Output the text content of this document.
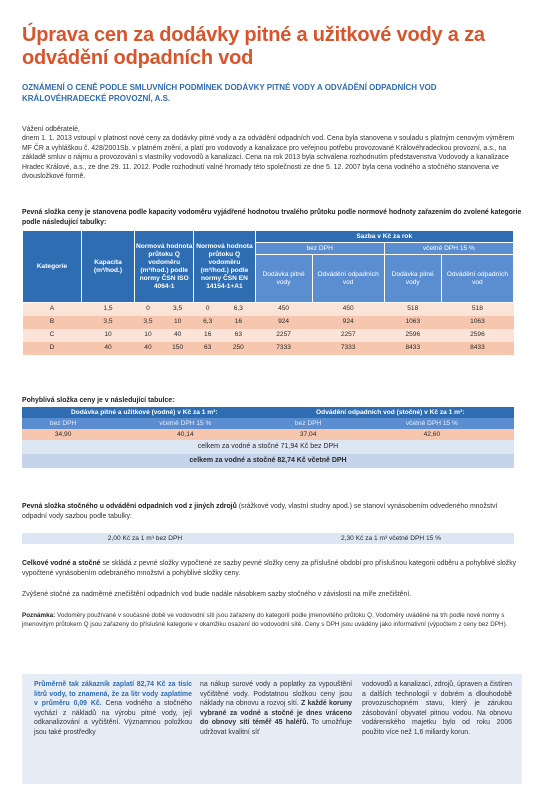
Úprava cen za dodávky pitné a užitkové vody a za odvádění odpadních vod
OZNÁMENÍ O CENĚ PODLE SMLUVNÍCH PODMÍNEK DODÁVKY PITNÉ VODY A ODVÁDĚNÍ ODPADNÍCH VOD KRÁLOVÉHRADECKÉ PROVOZNÍ, A.S.
Vážení odběratelé,
dnem 1. 1. 2013 vstoupí v platnost nové ceny za dodávky pitné vody a za odvádění odpadních vod. Cena byla stanovena v souladu s platným cenovým výměrem MF ČR a vyhláškou č. 428/2001Sb. v platném znění, a platí pro vodovody a kanalizace pro veřejnou potřebu provozované Královéhradeckou provozní, a.s., na základě smluv o nájmu a provozování s vlastníky vodovodů a kanalizací. Cena na rok 2013 byla schválena rozhodnutím představenstva Vodovody a kanalizace Hradec Králové, a.s., ze dne 29. 11. 2012. Podle rozhodnutí valné hromady této společnosti ze dne 5. 12. 2007 byla cena vodného a stočného stanovena ve dvousložkové formě.
Pevná složka ceny je stanovena podle kapacity vodoměru vyjádřené hodnotou trvalého průtoku podle normové hodnoty zařazením do zvolené kategorie podle následující tabulky:
Kategorie	Kapacita (m³/hod.)	Normová hodnota průtoku Q vodoměru (m³/hod.) podle normy ČSN ISO 4064-1		Normová hodnota průtoku Q vodoměru (m³/hod.) podle normy ČSN EN 14154-1+A1		Sazba v Kč za rok			
						bez DPH		včetně DPH 15 %	
						Dodávka pitné vody	Odvádění odpadních vod	Dodávka pitné vody	Odvádění odpadních vod
A	1,5	0	3,5	0	6,3	450	450	518	518
B	3,5	3,5	10	6,3	16	924	924	1063	1063
C	10	10	40	16	63	2257	2257	2596	2596
D	40	40	150	63	250	7333	7333	8433	8433
Pohyblivá složka ceny je v následující tabulce:
Dodávka pitné a užitkové (vodné) v Kč za 1 m³:		Odvádění odpadních vod (stočné) v Kč za 1 m³:	
bez DPH	včetně DPH 15 %	bez DPH	včetně DPH 15 %
34,90	40,14	37,04	42,60
celkem za vodné a stočné 71,94 Kč bez DPH			
celkem za vodné a stočné 82,74 Kč včetně DPH			
Pevná složka stočného u odvádění odpadních vod z jiných zdrojů (srážkové vody, vlastní studny apod.) se stanoví vynásobením odvedeného množství odpadní vody sazbou podle tabulky:
2,00 Kč za 1 m³ bez DPH	2,30 Kč za 1 m³ včetně DPH 15 %
Celkové vodné a stočné se skládá z pevné složky vypočtené ze sazby pevné složky ceny za příslušné období pro příslušnou kategorii odběru a pohyblivé složky vypočtené vynásobením odebraného množství a pohyblivé složky ceny.
Zvýšené stočné za nadměrné znečištění odpadních vod bude nadále násobkem sazby stočného v závislosti na míře znečištění.
Poznámka: Vodoměry používané v současné době ve vodovodní síti jsou zařazeny do kategorií podle jmenovitého průtoku Q. Vodoměry uváděné na trh podle nové normy s jmenovitým průtokem Q jsou zařazeny do příslušné kategorie v okamžiku osazení do vodovodní sítě. Ceny s DPH jsou uváděny jako informativní (výpočtem z ceny bez DPH).
Průměrně tak zákazník zaplatí 82,74 Kč za tisíc litrů vody, to znamená, že za litr vody zaplatíme v průměru 0,09 Kč. Cena vodného a stočného vychází z nákladů na výrobu pitné vody, její odkanalizování a vyčištění. Významnou položkou jsou také prostředky
na nákup surové vody a poplatky za vypouštění vyčištěné vody. Podstatnou složkou ceny jsou náklady na obnovu a rozvoj sítí. Z každé koruny vybrané za vodné a stočné je dnes vráceno do obnovy sítí téměř 45 haléřů. To umožňuje udržovat kvalitní síť
vodovodů a kanalizací, zdrojů, úpraven a čistíren a dalších technologií v dobrém a dlouhodobě provozuschopném stavu, který je zárukou zásobování obyvatel pitnou vodou. Na obnovu vodárenského majetku bylo od roku 2006 použito více než 1,6 miliardy korun.
